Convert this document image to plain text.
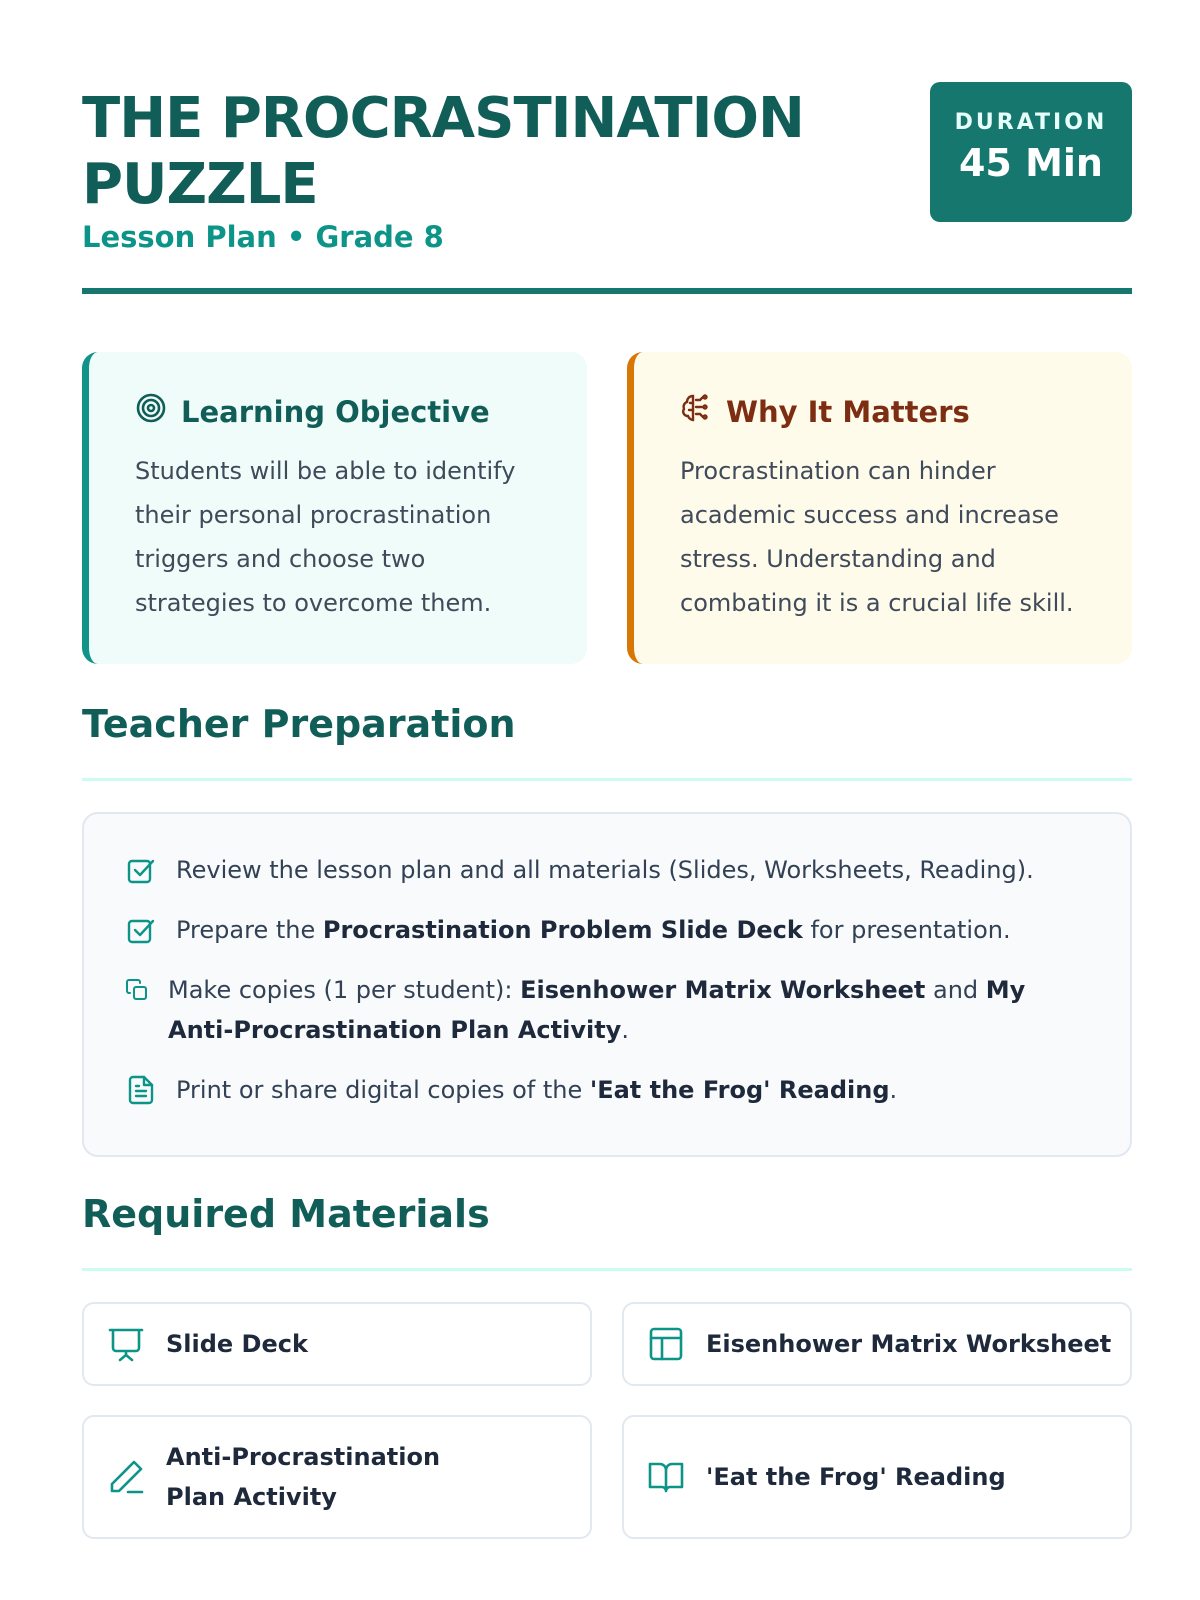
THE PROCRASTINATION PUZZLE
Lesson Plan • Grade 8
DURATION
45 Min
Learning Objective

Students will be able to identify their personal procrastination triggers and choose two strategies to overcome them.

Why It Matters

Procrastination can hinder academic success and increase stress. Understanding and combating it is a crucial life skill.

Teacher Preparation
Review the lesson plan and all materials (Slides, Worksheets, Reading).
Prepare the Procrastination Problem Slide Deck for presentation.
Make copies (1 per student): Eisenhower Matrix Worksheet and My Anti-Procrastination Plan Activity.
Print or share digital copies of the 'Eat the Frog' Reading.
Required Materials
Slide Deck	Eisenhower Matrix Worksheet
Anti-Procrastination Plan Activity
'Eat the Frog' Reading
